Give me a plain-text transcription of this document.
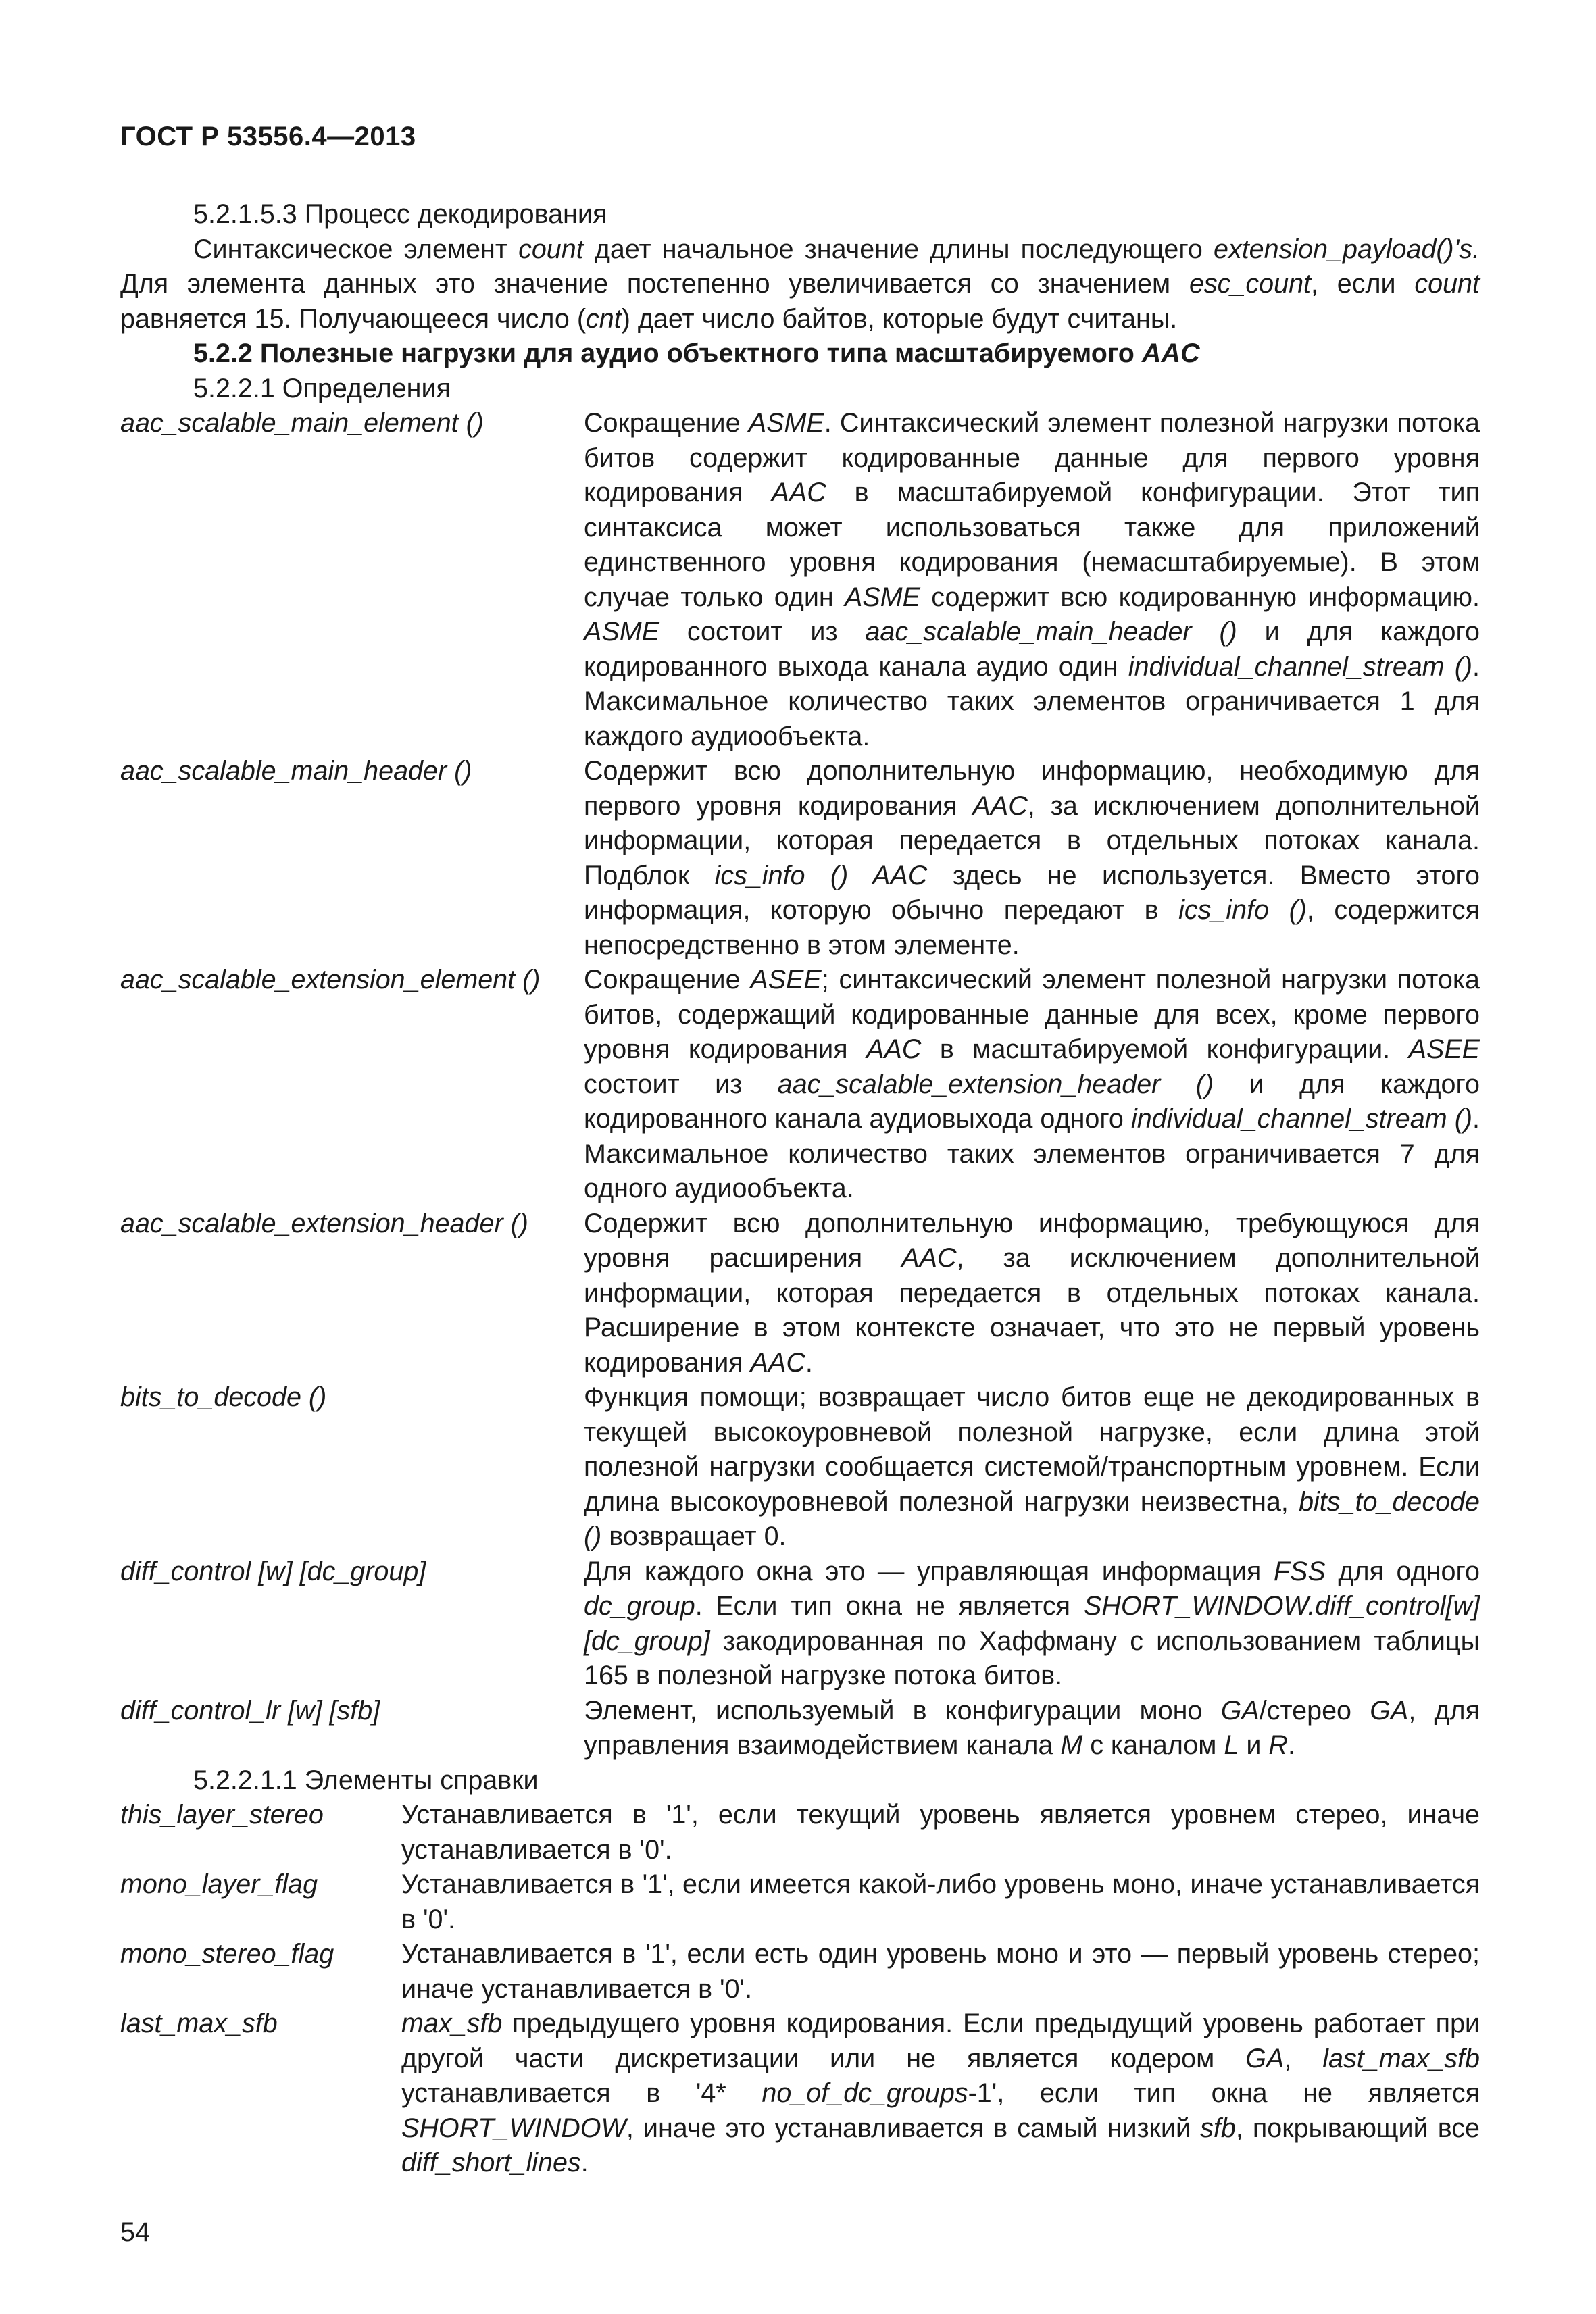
ГОСТ Р 53556.4—2013

5.2.1.5.3 Процесс декодирования

Синтаксическое элемент count дает начальное значение длины последующего extension_payload()'s. Для элемента данных это значение постепенно увеличивается со значением esc_count, если count равняется 15. Получающееся число (cnt) дает число байтов, которые будут считаны.

5.2.2 Полезные нагрузки для аудио объектного типа масштабируемого AAC

5.2.2.1 Определения

aac_scalable_main_element ()	Сокращение ASME. Синтаксический элемент полезной нагрузки потока битов содержит кодированные данные для первого уровня кодирования AAC в масштабируемой конфигурации. Этот тип синтаксиса может использоваться также для приложений единственного уровня кодирования (немасштабируемые). В этом случае только один ASME содержит всю кодированную информацию. ASME состоит из aac_scalable_main_header () и для каждого кодированного выхода канала аудио один individual_channel_stream (). Максимальное количество таких элементов ограничивается 1 для каждого аудиообъекта.
aac_scalable_main_header ()	Содержит всю дополнительную информацию, необходимую для первого уровня кодирования AAC, за исключением дополнительной информации, которая передается в отдельных потоках канала. Подблок ics_info () AAC здесь не используется. Вместо этого информация, которую обычно передают в ics_info (), содержится непосредственно в этом элементе.
aac_scalable_extension_element ()	Сокращение ASEE; синтаксический элемент полезной нагрузки потока битов, содержащий кодированные данные для всех, кроме первого уровня кодирования AAC в масштабируемой конфигурации. ASEE состоит из aac_scalable_extension_header () и для каждого кодированного канала аудиовыхода одного individual_channel_stream (). Максимальное количество таких элементов ограничивается 7 для одного аудиообъекта.
aac_scalable_extension_header ()	Содержит всю дополнительную информацию, требующуюся для уровня расширения AAC, за исключением дополнительной информации, которая передается в отдельных потоках канала. Расширение в этом контексте означает, что это не первый уровень кодирования AAC.
bits_to_decode ()	Функция помощи; возвращает число битов еще не декодированных в текущей высокоуровневой полезной нагрузке, если длина этой полезной нагрузки сообщается системой/транспортным уровнем. Если длина высокоуровневой полезной нагрузки неизвестна, bits_to_decode () возвращает 0.
diff_control [w] [dc_group]	Для каждого окна это — управляющая информация FSS для одного dc_group. Если тип окна не является SHORT_WINDOW.diff_control[w] [dc_group] закодированная по Хаффману с использованием таблицы 165 в полезной нагрузке потока битов.
diff_control_lr [w] [sfb]	Элемент, используемый в конфигурации моно GA/стерео GA, для управления взаимодействием канала M с каналом L и R.

5.2.2.1.1 Элементы справки

this_layer_stereo	Устанавливается в '1', если текущий уровень является уровнем стерео, иначе устанавливается в '0'.
mono_layer_flag	Устанавливается в '1', если имеется какой-либо уровень моно, иначе устанавливается в '0'.
mono_stereo_flag	Устанавливается в '1', если есть один уровень моно и это — первый уровень стерео; иначе устанавливается в '0'.
last_max_sfb	max_sfb предыдущего уровня кодирования. Если предыдущий уровень работает при другой части дискретизации или не является кодером GA, last_max_sfb устанавливается в '4* no_of_dc_groups-1', если тип окна не является SHORT_WINDOW, иначе это устанавливается в самый низкий sfb, покрывающий все diff_short_lines.
54
